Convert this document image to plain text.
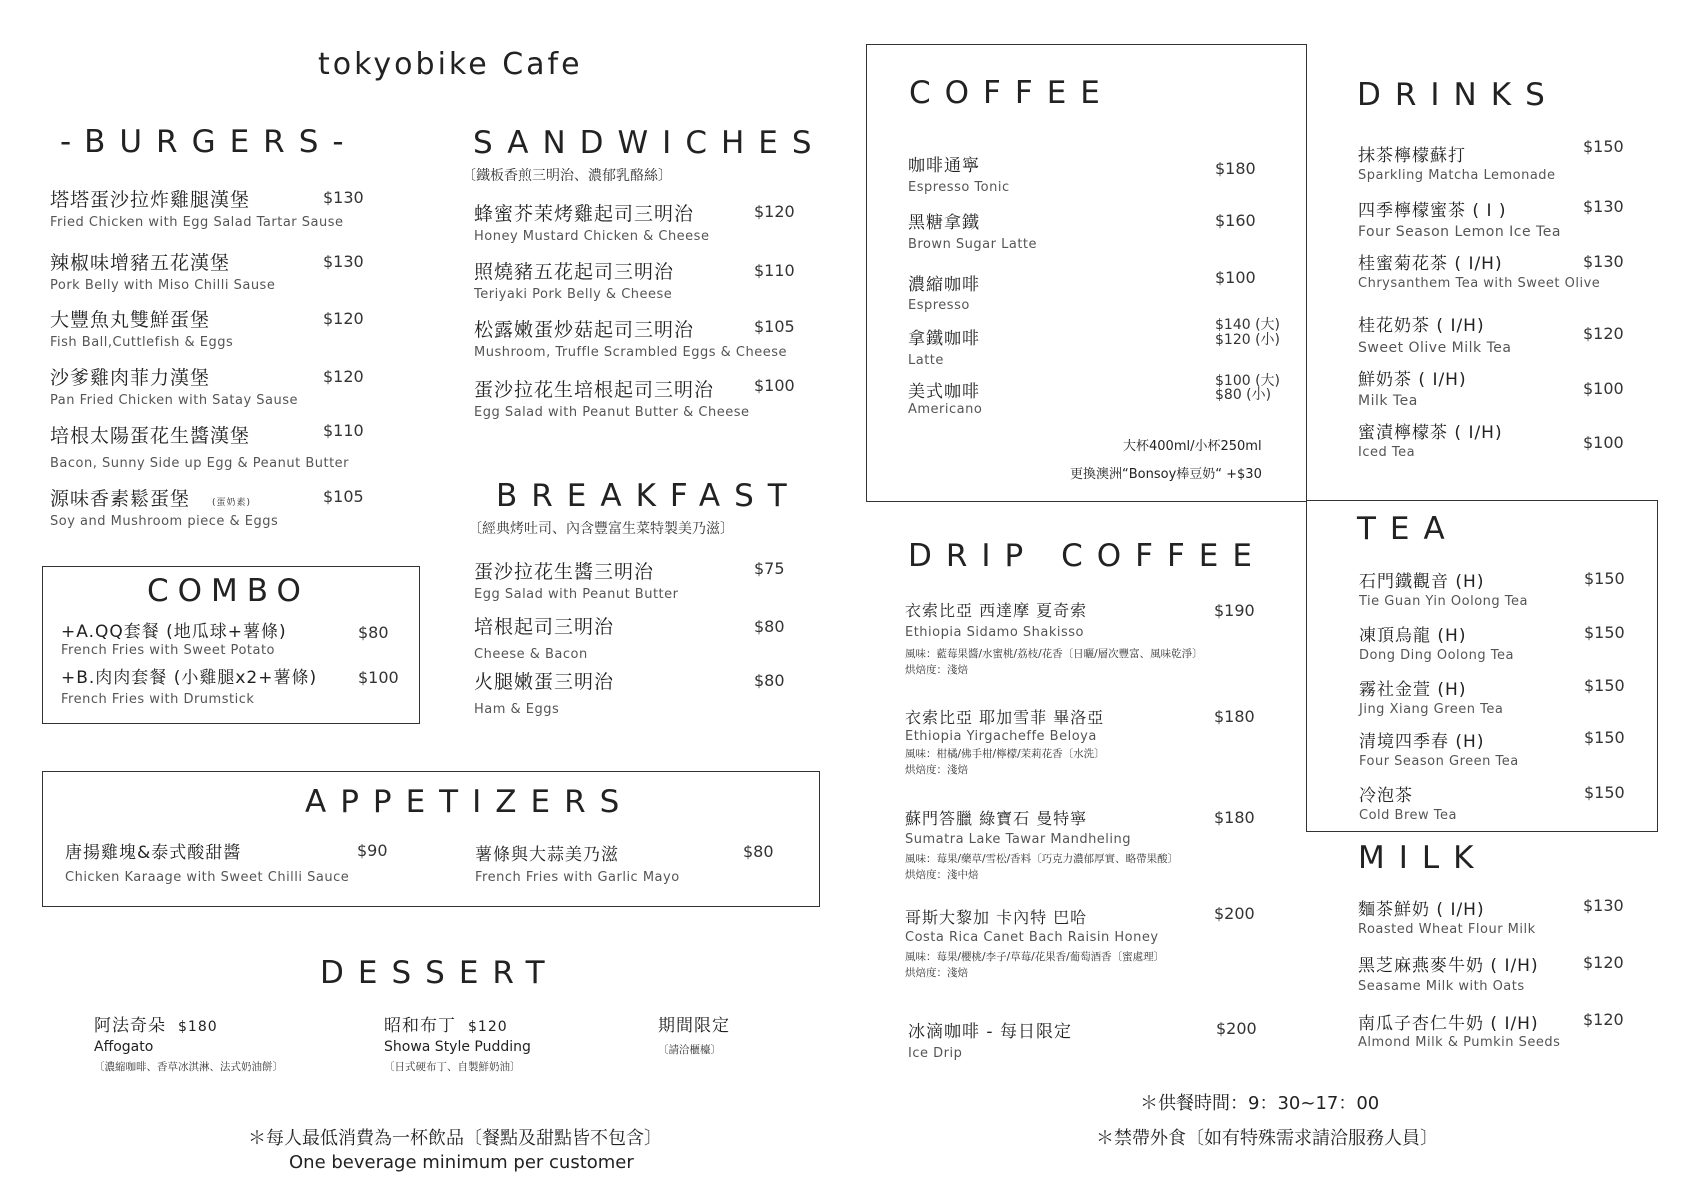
tokyobike Cafe
-BURGERS-
塔塔蛋沙拉炸雞腿漢堡
Fried Chicken with Egg Salad Tartar Sause
$130
辣椒味增豬五花漢堡
Pork Belly with Miso Chilli Sause
$130
大豐魚丸雙鮮蛋堡
Fish Ball,Cuttlefish & Eggs
$120
沙爹雞肉菲力漢堡
Pan Fried Chicken with Satay Sause
$120
培根太陽蛋花生醬漢堡
Bacon, Sunny Side up Egg & Peanut Butter
$110
源味香素鬆蛋堡 (蛋奶素)
Soy and Mushroom piece & Eggs
$105
COMBO
+A.QQ套餐 (地瓜球+薯條)
French Fries with Sweet Potato
$80
+B.肉肉套餐 (小雞腿x2+薯條)
French Fries with Drumstick
$100
SANDWICHES
〔鐵板香煎三明治、濃郁乳酪絲〕
蜂蜜芥茉烤雞起司三明治
Honey Mustard Chicken & Cheese
$120
照燒豬五花起司三明治
Teriyaki Pork Belly & Cheese
$110
松露嫩蛋炒菇起司三明治
Mushroom, Truffle Scrambled Eggs & Cheese
$105
蛋沙拉花生培根起司三明治
Egg Salad with Peanut Butter & Cheese
$100
BREAKFAST
〔經典烤吐司、內含豐富生菜特製美乃滋〕
蛋沙拉花生醬三明治
Egg Salad with Peanut Butter
$75
培根起司三明治
Cheese & Bacon
$80
火腿嫩蛋三明治
Ham & Eggs
$80
APPETIZERS
唐揚雞塊&泰式酸甜醬
Chicken Karaage with Sweet Chilli Sauce
$90	薯條與大蒜美乃滋
French Fries with Garlic Mayo
$80
DESSERT
阿法奇朵 $180
Affogato
〔濃縮咖啡、香草冰淇淋、法式奶油餅〕
昭和布丁 $120
Showa Style Pudding
〔日式硬布丁、自製鮮奶油〕
期間限定
〔請洽櫃檯〕
＊每人最低消費為一杯飲品〔餐點及甜點皆不包含〕
One beverage minimum per customer
COFFEE
咖啡通寧
Espresso Tonic
$180
黑糖拿鐵
Brown Sugar Latte
$160
濃縮咖啡
Espresso
$100
拿鐵咖啡
Latte
$140 (大)
$120 (小)
美式咖啡
Americano
$100 (大)
$80 (小)
大杯400ml/小杯250ml
更換澳洲“Bonsoy棒豆奶“ +$30
DRIP COFFEE
衣索比亞 西達摩 夏奇索
Ethiopia Sidamo Shakisso
風味：藍莓果醬/水蜜桃/荔枝/花香〔日曬/層次豐富、風味乾淨〕
烘焙度：淺焙
$190
衣索比亞 耶加雪菲 畢洛亞
Ethiopia Yirgacheffe Beloya
風味：柑橘/佛手柑/檸檬/茉莉花香〔水洗〕
烘焙度：淺焙
$180
蘇門答臘 綠寶石 曼特寧
Sumatra Lake Tawar Mandheling
風味：莓果/藥草/雪松/香料〔巧克力濃郁厚實、略帶果酸〕
烘焙度：淺中焙
$180
哥斯大黎加 卡內特 巴哈
Costa Rica Canet Bach Raisin Honey
風味：莓果/櫻桃/李子/草莓/花果香/葡萄酒香〔蜜處理〕
烘焙度：淺焙
$200
冰滴咖啡 - 每日限定
Ice Drip
$200
＊供餐時間：9：30~17：00
＊禁帶外食〔如有特殊需求請洽服務人員〕
DRINKS
抹茶檸檬蘇打
Sparkling Matcha Lemonade
$150
四季檸檬蜜茶 ( I )
Four Season Lemon Ice Tea
$130
桂蜜菊花茶 ( I/H)
Chrysanthem Tea with Sweet Olive
$130
桂花奶茶 ( I/H)
Sweet Olive Milk Tea
$120
鮮奶茶 ( I/H)
Milk Tea
$100
蜜漬檸檬茶 ( I/H)
Iced Tea
$100
TEA
石門鐵觀音 (H)
Tie Guan Yin Oolong Tea
$150
凍頂烏龍 (H)
Dong Ding Oolong Tea
$150
霧社金萱 (H)
Jing Xiang Green Tea
$150
清境四季春 (H)
Four Season Green Tea
$150
冷泡茶
Cold Brew Tea
$150
MILK
麵茶鮮奶 ( I/H)
Roasted Wheat Flour Milk
$130
黑芝麻燕麥牛奶 ( I/H)
Seasame Milk with Oats
$120
南瓜子杏仁牛奶 ( I/H)
Almond Milk & Pumkin Seeds
$120
